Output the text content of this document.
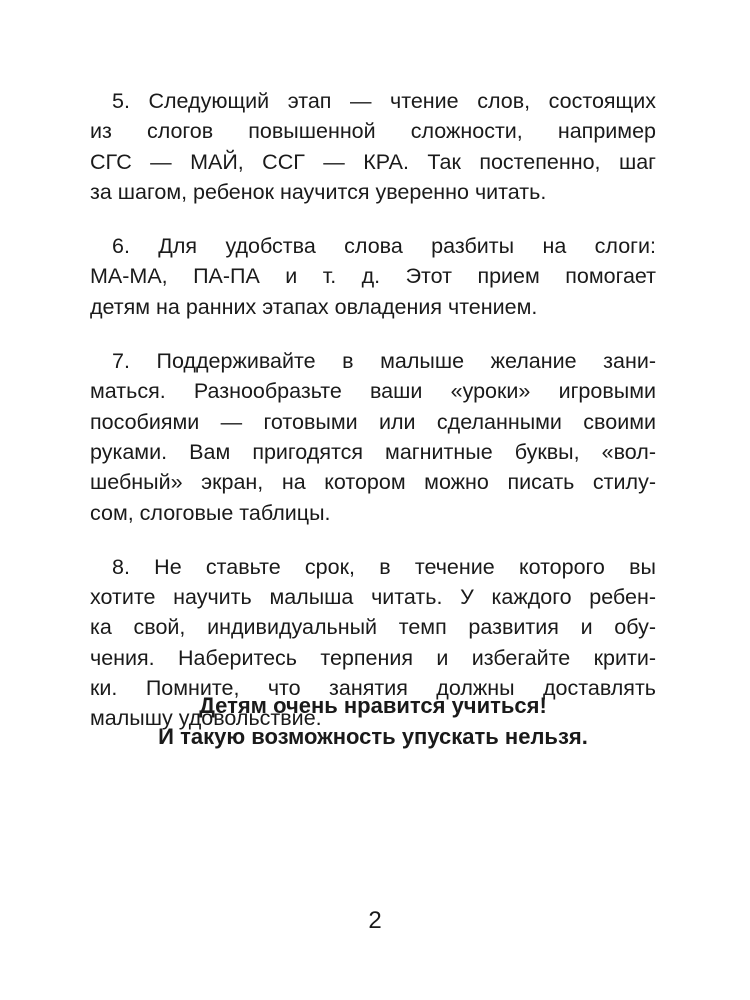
5. Следующий этап — чтение слов, состоящих
из слогов повышенной сложности, например
СГС — МАЙ, ССГ — КРА. Так постепенно, шаг
за шагом, ребенок научится уверенно читать.
6. Для удобства слова разбиты на слоги:
МА-МА, ПА-ПА и т. д. Этот прием помогает
детям на ранних этапах овладения чтением.
7. Поддерживайте в малыше желание зани-
маться. Разнообразьте ваши «уроки» игровыми
пособиями — готовыми или сделанными своими
руками. Вам пригодятся магнитные буквы, «вол-
шебный» экран, на котором можно писать стилу-
сом, слоговые таблицы.
8. Не ставьте срок, в течение которого вы
хотите научить малыша читать. У каждого ребен-
ка свой, индивидуальный темп развития и обу-
чения. Наберитесь терпения и избегайте крити-
ки. Помните, что занятия должны доставлять
малышу удовольствие.
Детям очень нравится учиться!
И такую возможность упускать нельзя.
2
